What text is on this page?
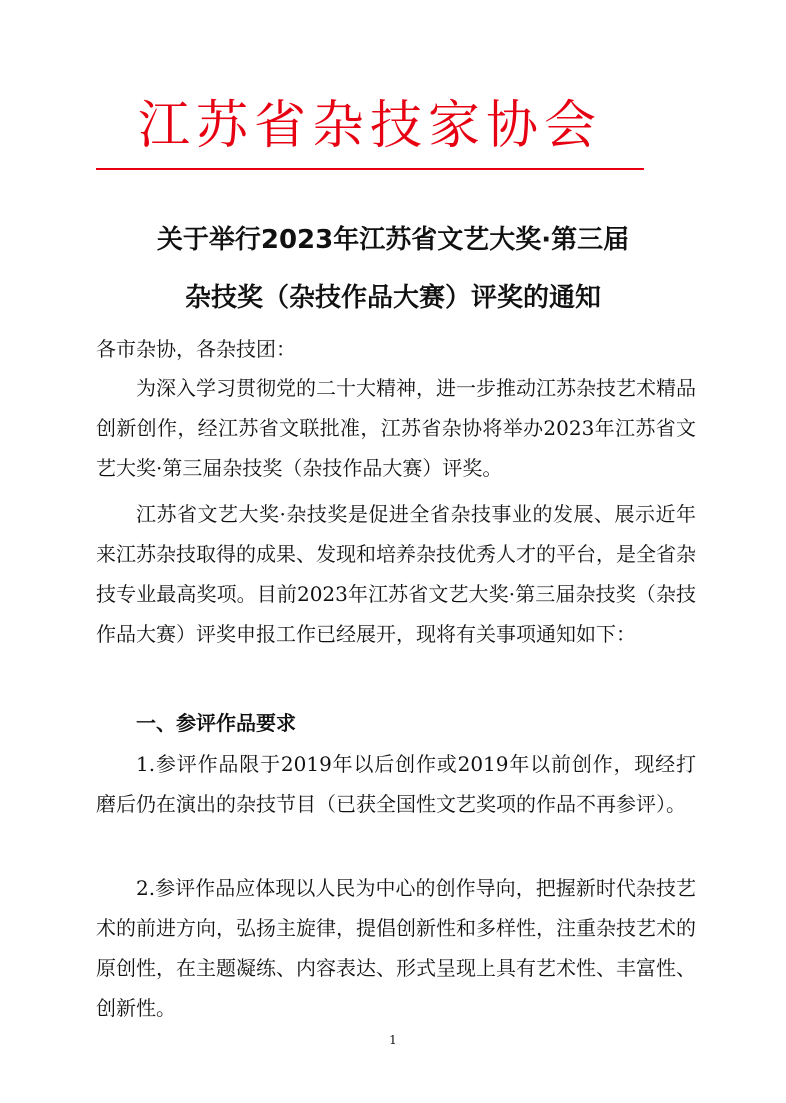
江苏省杂技家协会
关于举行2023年江苏省文艺大奖·第三届
杂技奖（杂技作品大赛）评奖的通知
各市杂协，各杂技团：
为深入学习贯彻党的二十大精神，进一步推动江苏杂技艺术精品创新创作，经江苏省文联批准，江苏省杂协将举办2023年江苏省文艺大奖·第三届杂技奖（杂技作品大赛）评奖。
江苏省文艺大奖·杂技奖是促进全省杂技事业的发展、展示近年来江苏杂技取得的成果、发现和培养杂技优秀人才的平台，是全省杂技专业最高奖项。目前2023年江苏省文艺大奖·第三届杂技奖（杂技作品大赛）评奖申报工作已经展开，现将有关事项通知如下：
一、参评作品要求
1.参评作品限于2019年以后创作或2019年以前创作，现经打磨后仍在演出的杂技节目（已获全国性文艺奖项的作品不再参评）。
2.参评作品应体现以人民为中心的创作导向，把握新时代杂技艺术的前进方向，弘扬主旋律，提倡创新性和多样性，注重杂技艺术的原创性，在主题凝练、内容表达、形式呈现上具有艺术性、丰富性、创新性。
1
